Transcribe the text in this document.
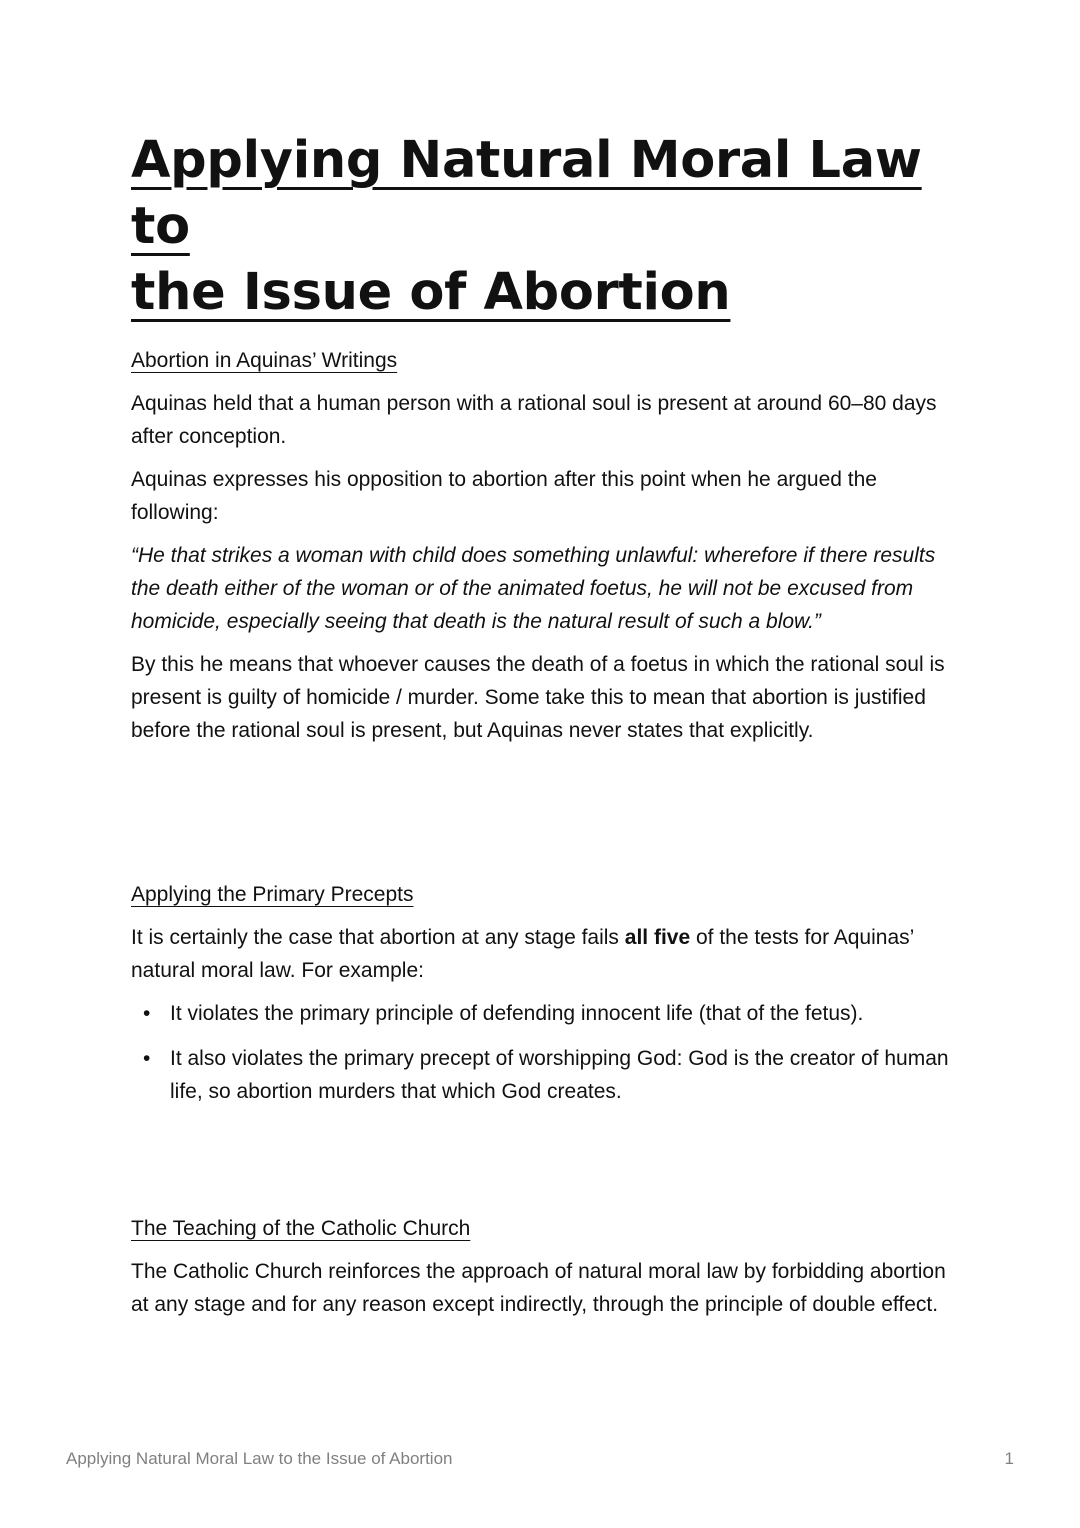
Applying Natural Moral Law to
the Issue of Abortion
Abortion in Aquinas’ Writings

Aquinas held that a human person with a rational soul is present at around 60–80 days after conception.

Aquinas expresses his opposition to abortion after this point when he argued the following:

“He that strikes a woman with child does something unlawful: wherefore if there results the death either of the woman or of the animated foetus, he will not be excused from homicide, especially seeing that death is the natural result of such a blow.”

By this he means that whoever causes the death of a foetus in which the rational soul is present is guilty of homicide / murder. Some take this to mean that abortion is justified before the rational soul is present, but Aquinas never states that explicitly.

Applying the Primary Precepts

It is certainly the case that abortion at any stage fails all five of the tests for Aquinas’ natural moral law. For example:

• It violates the primary principle of defending innocent life (that of the fetus).
• It also violates the primary precept of worshipping God: God is the creator of human life, so abortion murders that which God creates.
The Teaching of the Catholic Church

The Catholic Church reinforces the approach of natural moral law by forbidding abortion at any stage and for any reason except indirectly, through the principle of double effect.

Applying Natural Moral Law to the Issue of Abortion	1
